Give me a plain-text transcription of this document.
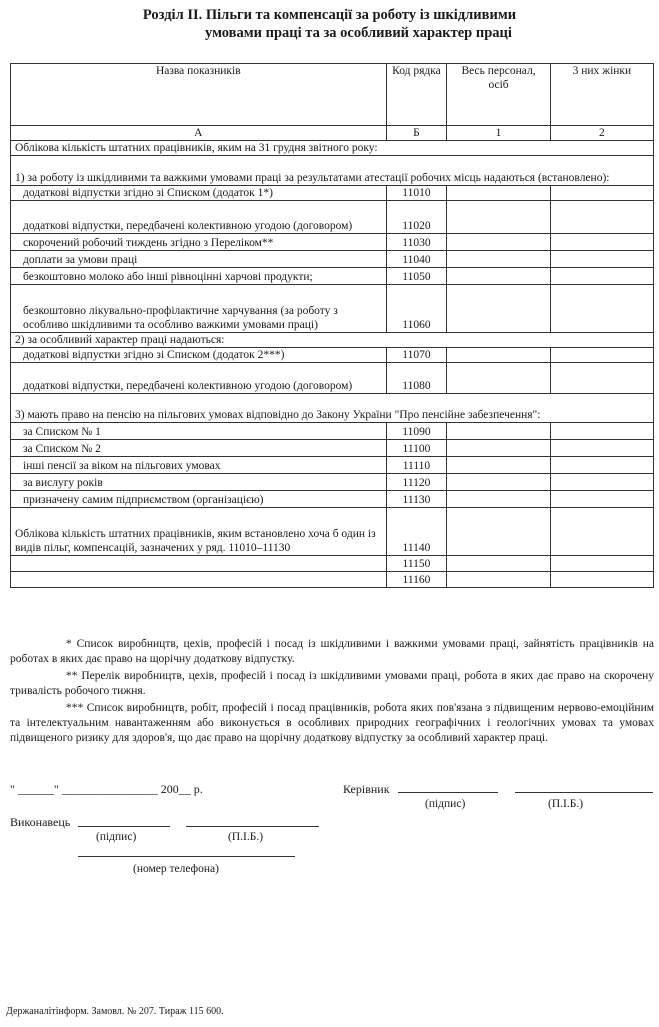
Розділ II. Пільги та компенсації за роботу із шкідливими
умовами праці та за особливий характер праці
Назва показників	Код рядка	Весь персонал, осіб	3 них жінки
А	Б	1	2
Облікова кількість штатних працівників, яким на 31 грудня звітного року:			
1) за роботу із шкідливими та важкими умовами праці за результатами атестації робочих місць надаються (встановлено):			
додаткові відпустки згідно зі Списком (додаток 1*)	11010		
додаткові відпустки, передбачені колективною угодою (договором)	11020		
скорочений робочий тиждень згідно з Переліком**	11030		
доплати за умови праці	11040		
безкоштовно молоко або інші рівноцінні харчові продукти;	11050		
безкоштовно лікувально-профілактичне харчування (за роботу з особливо шкідливими та особливо важкими умовами праці)	11060		
2) за особливий характер праці надаються:			
додаткові відпустки згідно зі Списком (додаток 2***)	11070		
додаткові відпустки, передбачені колективною угодою (договором)	11080		
3) мають право на пенсію на пільгових умовах відповідно до Закону України "Про пенсійне забезпечення":			
за Списком № 1	11090		
за Списком № 2	11100		
інші пенсії за віком на пільгових умовах	11110		
за вислугу років	11120		
призначену самим підприємством (організацією)	11130		
Облікова кількість штатних працівників, яким встановлено хоча б один із видів пільг, компенсацій, зазначених у ряд. 11010–11130	11140		
	11150		
	11160		

* Список виробництв, цехів, професій і посад із шкідливими і важкими умовами праці, зайнятість працівників на роботах в яких дає право на щорічну додаткову відпустку.

** Перелік виробництв, цехів, професій і посад із шкідливими умовами праці, робота в яких дає право на скорочену тривалість робочого тижня.

*** Список виробництв, робіт, професій і посад працівників, робота яких пов'язана з підвищеним нервово-емоційним та інтелектуальним навантаженням або виконується в особливих природних географічних і геологічних умовах та умовах підвищеного ризику для здоров'я, що дає право на щорічну додаткову відпустку за особливий характер праці.

" ______" ________________ 200__ р.	Керівник
(підпис)	(П.І.Б.)
Виконавець
(підпис)	(П.І.Б.)
(номер телефона)
Держаналітінформ. Замовл. № 207. Тираж 115 600.
